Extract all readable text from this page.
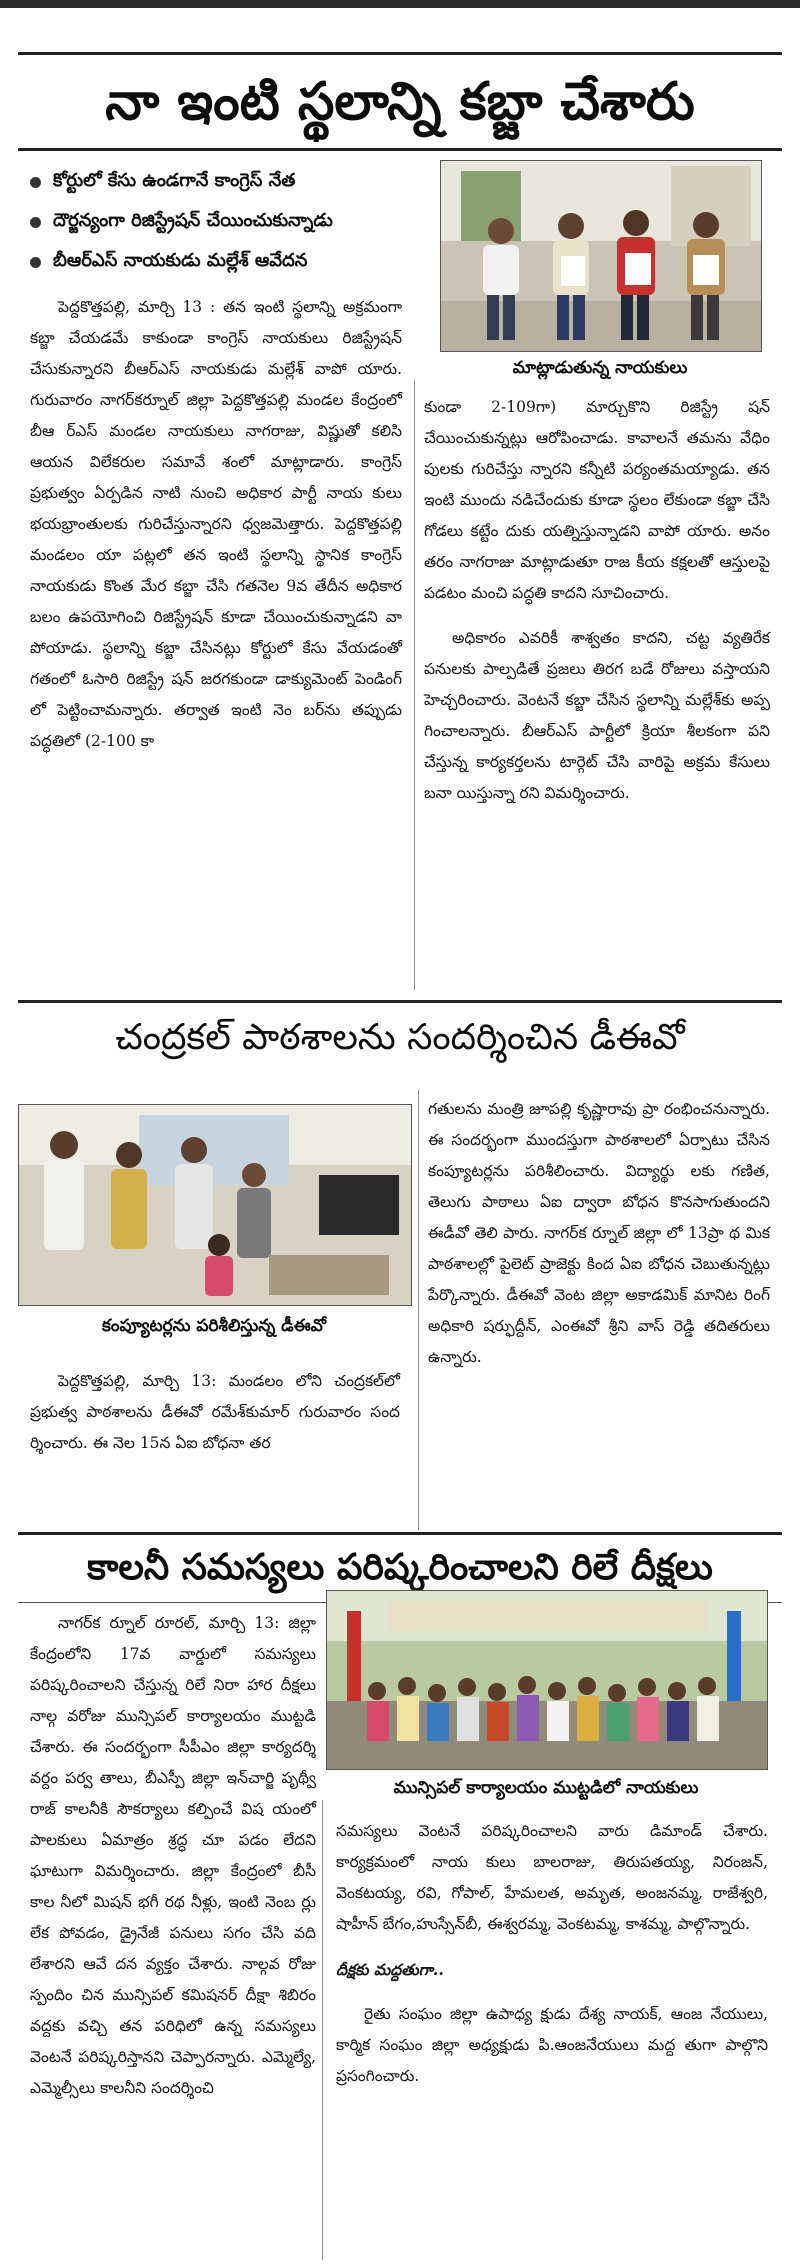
నా ఇంటి స్థలాన్ని కబ్జా చేశారు
కోర్టులో కేసు ఉండగానే కాంగ్రెస్ నేత
దౌర్జన్యంగా రిజిస్ట్రేషన్ చేయించుకున్నాడు
బీఆర్ఎస్ నాయకుడు మల్లేశ్ ఆవేదన
మాట్లాడుతున్న నాయకులు

పెద్దకొత్తపల్లి, మార్చి 13 : తన ఇంటి స్థలాన్ని అక్రమంగా కబ్జా చేయడమే కాకుండా కాంగ్రెస్ నాయకులు రిజిస్ట్రేషన్ చేసుకున్నారని బీఆర్ఎస్ నాయకుడు మల్లేశ్ వాపో యారు. గురువారం నాగర్‌కర్నూల్ జిల్లా పెద్దకొత్తపల్లి మండల కేంద్రంలో బీఆ ర్ఎస్ మండల నాయకులు నాగరాజు, విష్ణుతో కలిసి ఆయన విలేకరుల సమావే శంలో మాట్లాడారు. కాంగ్రెస్ ప్రభుత్వం ఏర్పడిన నాటి నుంచి అధికార పార్టీ నాయ కులు భయభ్రాంతులకు గురిచేస్తున్నారని ధ్వజమెత్తారు. పెద్దకొత్తపల్లి మండలం యా పట్లలో తన ఇంటి స్థలాన్ని స్థానిక కాంగ్రెస్ నాయకుడు కొంత మేర కబ్జా చేసి గతనెల 9వ తేదీన అధికార బలం ఉపయోగించి రిజిస్ట్రేషన్ కూడా చేయించుకున్నాడని వా పోయాడు. స్థలాన్ని కబ్జా చేసినట్లు కోర్టులో కేసు వేయడంతో గతంలో ఓసారి రిజిస్ట్రే షన్ జరగకుండా డాక్యుమెంట్ పెండింగ్ లో పెట్టించామన్నారు. తర్వాత ఇంటి నెం బర్‌ను తప్పుడు పద్ధతిలో (2-100 కా

కుండా 2-109గా) మార్చుకొని రిజిస్ట్రే షన్ చేయించుకున్నట్లు ఆరోపించాడు. కావాలనే తమను వేధిం పులకు గురిచేస్తు న్నారని కన్నీటి పర్యంతమయ్యాడు. తన ఇంటి ముందు నడిచేందుకు కూడా స్థలం లేకుండా కబ్జా చేసి గోడలు కట్టేం దుకు యత్నిస్తున్నాడని వాపో యారు. అనం తరం నాగరాజు మాట్లాడుతూ రాజ కీయ కక్షలతో ఆస్తులపై పడటం మంచి పద్ధతి కాదని సూచించారు.

అధికారం ఎవరికీ శాశ్వతం కాదని, చట్ట వ్యతిరేక పనులకు పాల్పడితే ప్రజలు తిరగ బడే రోజులు వస్తాయని హెచ్చరించారు. వెంటనే కబ్జా చేసిన స్థలాన్ని మల్లేశ్‌కు అప్ప గించాలన్నారు. బీఆర్ఎస్ పార్టీలో క్రియా శీలకంగా పని చేస్తున్న కార్యకర్తలను టార్గెట్ చేసి వారిపై అక్రమ కేసులు బనా యిస్తున్నా రని విమర్శించారు.

చంద్రకల్ పాఠశాలను సందర్శించిన డీఈవో
కంప్యూటర్లను పరిశీలిస్తున్న డీఈవో

పెద్దకొత్తపల్లి, మార్చి 13: మండలం లోని చంద్రకల్‌లో ప్రభుత్వ పాఠశాలను డీఈవో రమేశ్‌కుమార్ గురువారం సంద ర్శించారు. ఈ నెల 15న ఏఐ బోధనా తర

గతులను మంత్రి జూపల్లి కృష్ణారావు ప్రా రంభించనున్నారు. ఈ సందర్భంగా ముందస్తుగా పాఠశాలలో ఏర్పాటు చేసిన కంప్యూటర్లను పరిశీలించారు. విద్యార్థు లకు గణిత, తెలుగు పాఠాలు ఏఐ ద్వారా బోధన కొనసాగుతుందని ఈడీవో తెలి పారు. నాగర్‌క ర్నూల్ జిల్లా లో 13ప్రా థ మిక పాఠశాలల్లో పైలెట్ ప్రాజెక్టు కింద ఏఐ బోధన చెబుతున్నట్లు పేర్కొన్నారు. డీఈవో వెంట జిల్లా అకాడమిక్ మానిట రింగ్ అధికారి షర్ఫుద్దీన్, ఎంఈవో శ్రీని వాస్ రెడ్డి తదితరులు ఉన్నారు.

కాలనీ సమస్యలు పరిష్కరించాలని రిలే దీక్షలు
మున్సిపల్ కార్యాలయం ముట్టడిలో నాయకులు

నాగర్‌క ర్నూల్ రూరల్, మార్చి 13: జిల్లా కేంద్రంలోని 17వ వార్డులో సమస్యలు పరిష్కరించాలని చేస్తున్న రిలే నిరా హార దీక్షలు నాల్గ వరోజు మున్సిపల్ కార్యాలయం ముట్టడి చేశారు. ఈ సందర్భంగా సీపీఎం జిల్లా కార్యదర్శి వర్దం పర్వ తాలు, బీఎస్పీ జిల్లా ఇన్‌చార్జి పృథ్వీ రాజ్ కాలనీకి సౌకర్యాలు కల్పించే విష యంలో పాలకులు ఏమాత్రం శ్రద్ధ చూ పడం లేదని ఘాటుగా విమర్శించారు. జిల్లా కేంద్రంలో బీసీ కాల నీలో మిషన్ భగీ రథ నీళ్లు, ఇంటి నెంబ ర్లు లేక పోవడం, డ్రైనేజీ పనులు సగం చేసి వది లేశారని ఆవే దన వ్యక్తం చేశారు. నాల్గవ రోజు స్పందిం చిన మున్సిపల్ కమిషనర్ దీక్షా శిబిరం వద్దకు వచ్చి తన పరిధిలో ఉన్న సమస్యలు వెంటనే పరిష్కరిస్తానని చెప్పారన్నారు. ఎమ్మెల్యే, ఎమ్మెల్సీలు కాలనీని సందర్శించి

సమస్యలు వెంటనే పరిష్కరించాలని వారు డిమాండ్ చేశారు. కార్యక్రమంలో నాయ కులు బాలరాజు, తిరుపతయ్య, నిరంజన్, వెంకటయ్య, రవి, గోపాల్, హేమలత, అమృత, అంజనమ్మ, రాజేశ్వరి, షాహీన్ బేగం,హుస్సేన్‌బీ, ఈశ్వరమ్మ, వెంకటమ్మ, కాశమ్మ, పాల్గొన్నారు.

దీక్షకు మద్దతుగా..

రైతు సంఘం జిల్లా ఉపాధ్య క్షుడు దేశ్య నాయక్, ఆంజ నేయులు, కార్మిక సంఘం జిల్లా అధ్యక్షుడు పి.ఆంజనేయులు మద్ద తుగా పాల్గొని ప్రసంగించారు.
